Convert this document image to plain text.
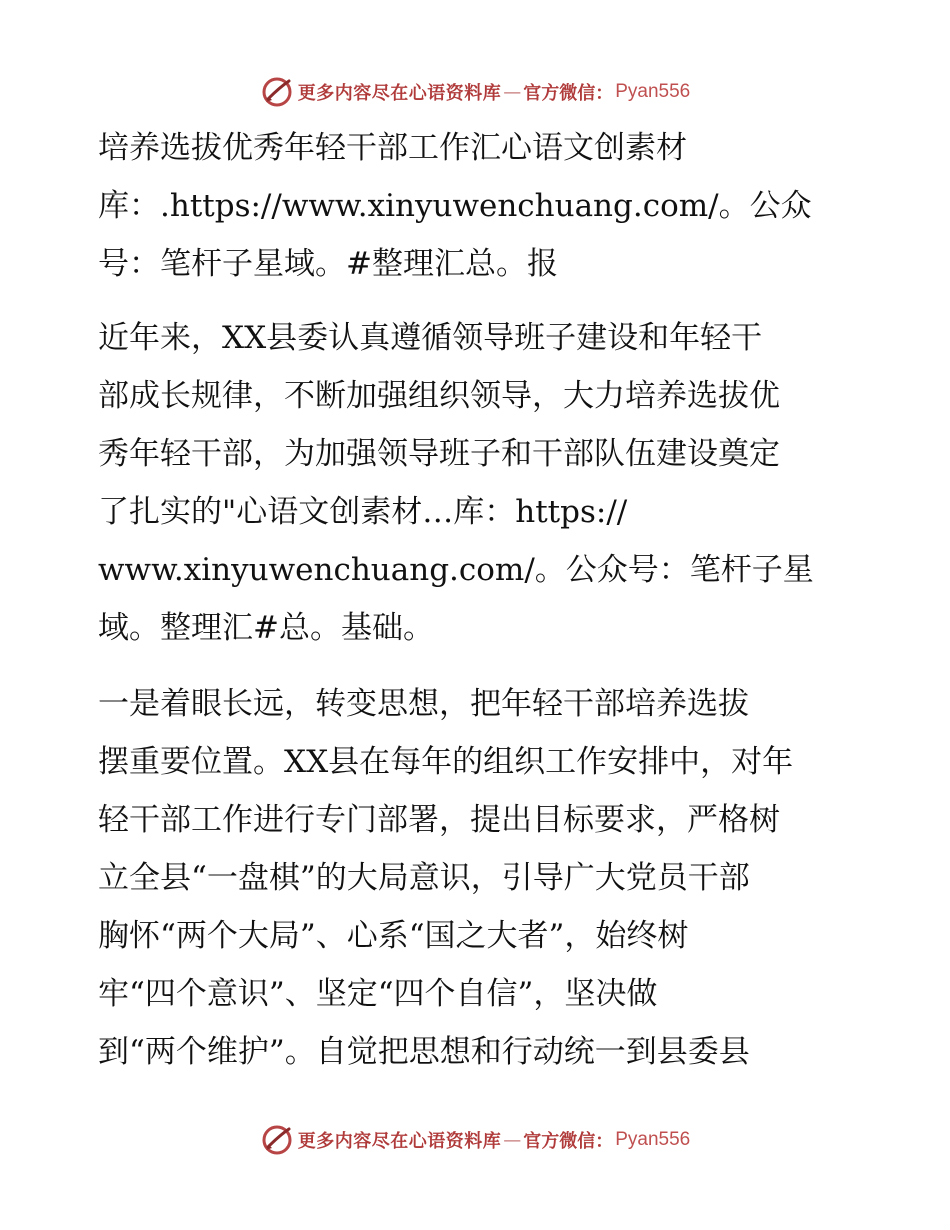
更多内容尽在心语资料库 — 官方微信： Pyan556
培养选拔优秀年轻干部工作汇心语文创素材
库：.https://www.xinyuwenchuang.com/。公众
号：笔杆子星域。#整理汇总。报
近年来，XX县委认真遵循领导班子建设和年轻干
部成长规律，不断加强组织领导，大力培养选拔优
秀年轻干部，为加强领导班子和干部队伍建设奠定
了扎实的"心语文创素材…库：https://
www.xinyuwenchuang.com/。公众号：笔杆子星
域。整理汇#总。基础。
一是着眼长远，转变思想，把年轻干部培养选拔
摆重要位置。XX县在每年的组织工作安排中，对年
轻干部工作进行专门部署，提出目标要求，严格树
立全县“一盘棋”的大局意识，引导广大党员干部
胸怀“两个大局”、心系“国之大者”，始终树
牢“四个意识”、坚定“四个自信”，坚决做
到“两个维护”。自觉把思想和行动统一到县委县
更多内容尽在心语资料库 — 官方微信： Pyan556
